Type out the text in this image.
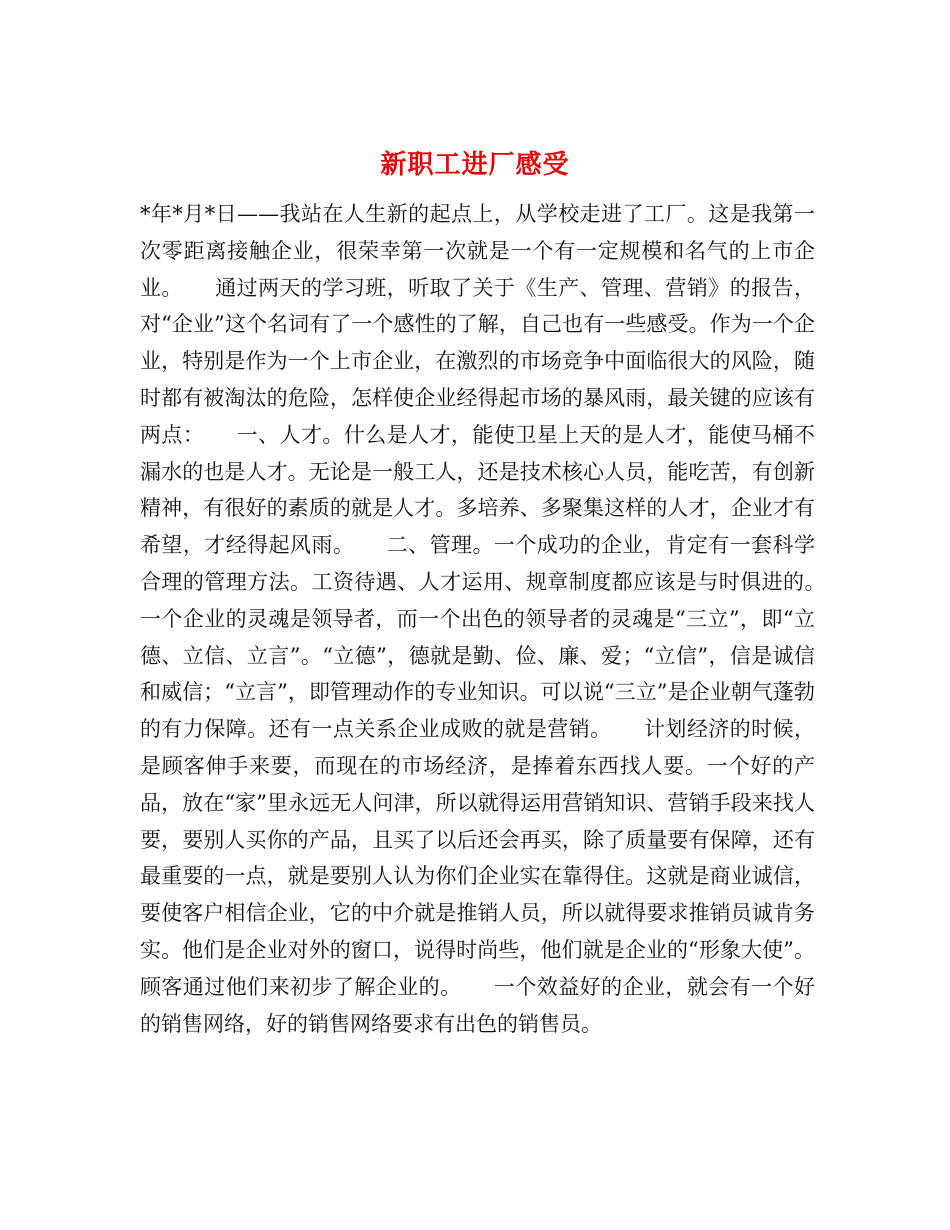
新职工进厂感受

*年*月*日——我站在人生新的起点上，从学校走进了工厂。这是我第一次零距离接触企业，很荣幸第一次就是一个有一定规模和名气的上市企业。　　通过两天的学习班，听取了关于《生产、管理、营销》的报告，对“企业”这个名词有了一个感性的了解，自己也有一些感受。作为一个企业，特别是作为一个上市企业，在激烈的市场竞争中面临很大的风险，随时都有被淘汰的危险，怎样使企业经得起市场的暴风雨，最关键的应该有两点：　　一、人才。什么是人才，能使卫星上天的是人才，能使马桶不漏水的也是人才。无论是一般工人，还是技术核心人员，能吃苦，有创新精神，有很好的素质的就是人才。多培养、多聚集这样的人才，企业才有希望，才经得起风雨。　　二、管理。一个成功的企业，肯定有一套科学合理的管理方法。工资待遇、人才运用、规章制度都应该是与时俱进的。　　一个企业的灵魂是领导者，而一个出色的领导者的灵魂是“三立”，即“立德、立信、立言”。“立德”，德就是勤、俭、廉、爱；“立信”，信是诚信和威信；“立言”，即管理动作的专业知识。可以说“三立”是企业朝气蓬勃的有力保障。还有一点关系企业成败的就是营销。　　计划经济的时候，是顾客伸手来要，而现在的市场经济，是捧着东西找人要。一个好的产品，放在“家”里永远无人问津，所以就得运用营销知识、营销手段来找人要，要别人买你的产品，且买了以后还会再买，除了质量要有保障，还有最重要的一点，就是要别人认为你们企业实在靠得住。这就是商业诚信，要使客户相信企业，它的中介就是推销人员，所以就得要求推销员诚肯务实。他们是企业对外的窗口，说得时尚些，他们就是企业的“形象大使”。顾客通过他们来初步了解企业的。　　一个效益好的企业，就会有一个好的销售网络，好的销售网络要求有出色的销售员。
